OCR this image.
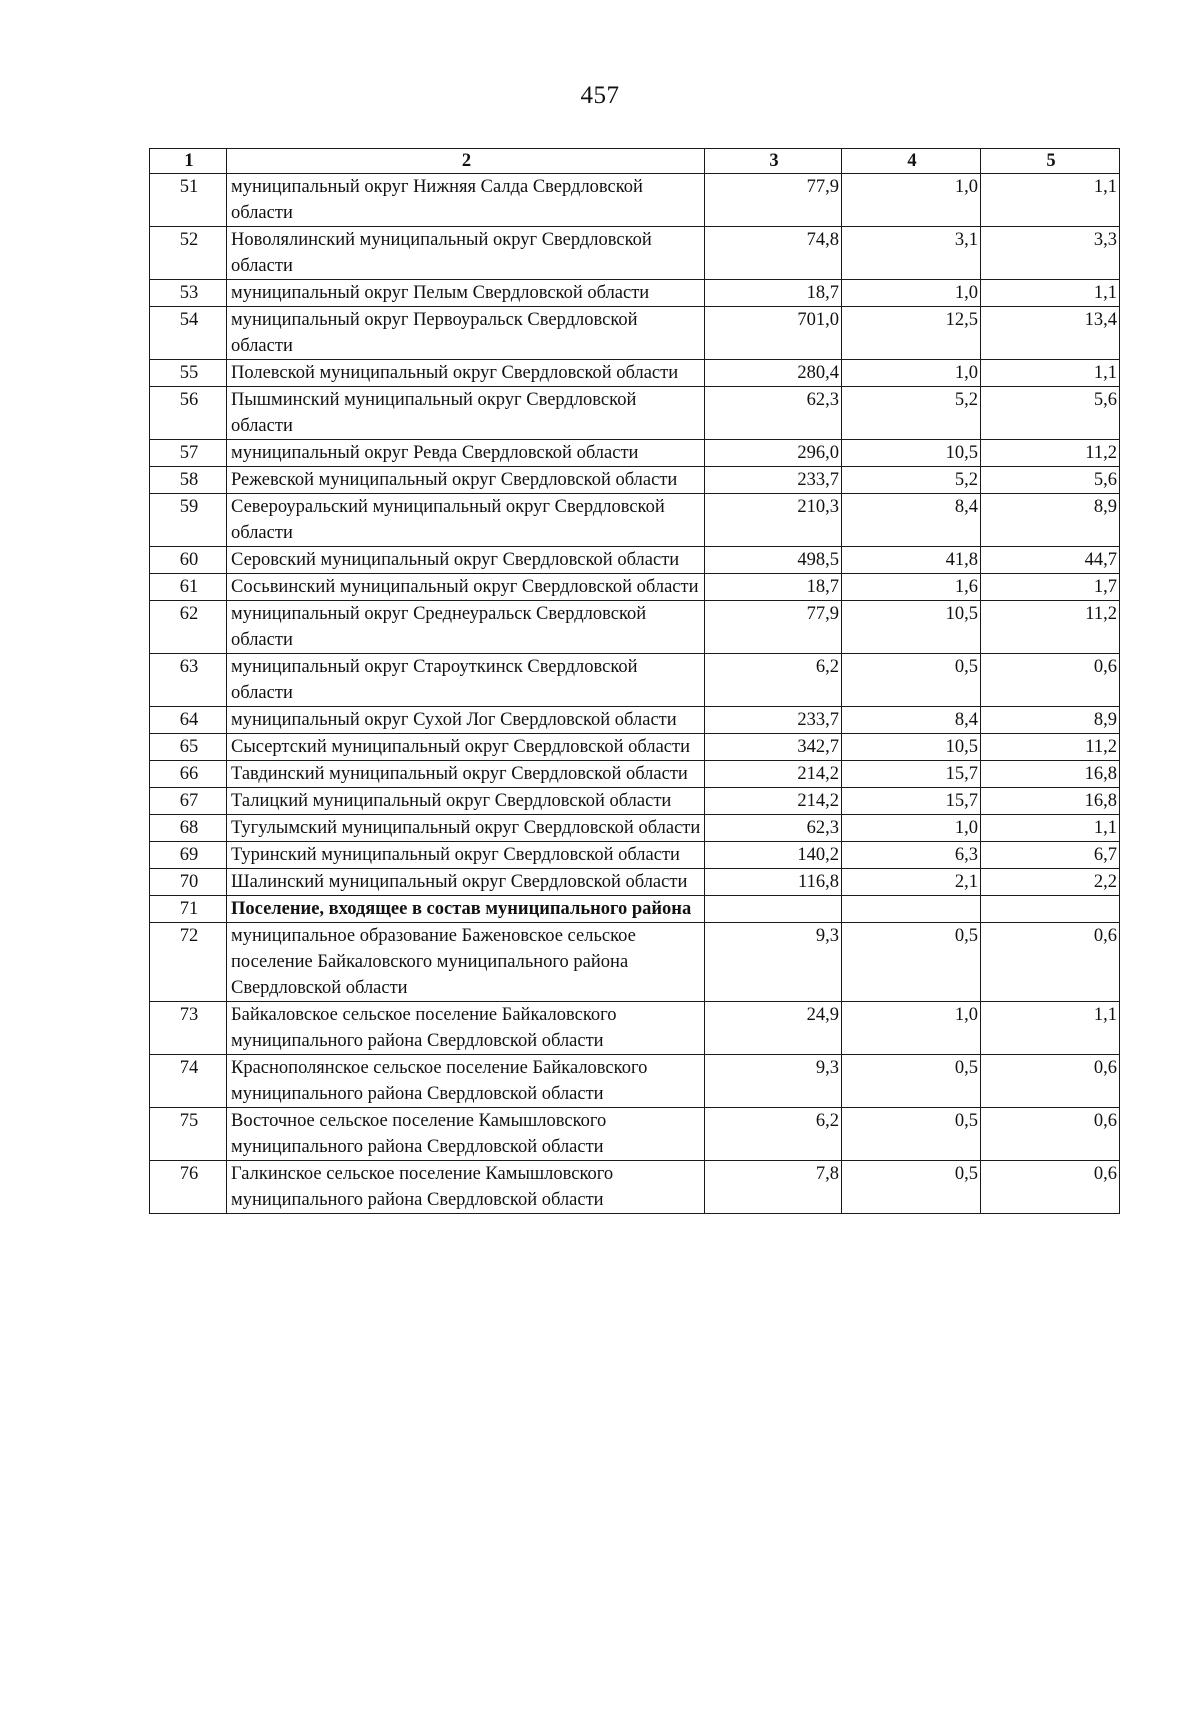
457
1	2	3	4	5
51	муниципальный округ Нижняя Салда Свердловской области	77,9	1,0	1,1
52	Новолялинский муниципальный округ Свердловской области	74,8	3,1	3,3
53	муниципальный округ Пелым Свердловской области	18,7	1,0	1,1
54	муниципальный округ Первоуральск Свердловской области	701,0	12,5	13,4
55	Полевской муниципальный округ Свердловской области	280,4	1,0	1,1
56	Пышминский муниципальный округ Свердловской области	62,3	5,2	5,6
57	муниципальный округ Ревда Свердловской области	296,0	10,5	11,2
58	Режевской муниципальный округ Свердловской области	233,7	5,2	5,6
59	Североуральский муниципальный округ Свердловской области	210,3	8,4	8,9
60	Серовский муниципальный округ Свердловской области	498,5	41,8	44,7
61	Сосьвинский муниципальный округ Свердловской области	18,7	1,6	1,7
62	муниципальный округ Среднеуральск Свердловской области	77,9	10,5	11,2
63	муниципальный округ Староуткинск Свердловской области	6,2	0,5	0,6
64	муниципальный округ Сухой Лог Свердловской области	233,7	8,4	8,9
65	Сысертский муниципальный округ Свердловской области	342,7	10,5	11,2
66	Тавдинский муниципальный округ Свердловской области	214,2	15,7	16,8
67	Талицкий муниципальный округ Свердловской области	214,2	15,7	16,8
68	Тугулымский муниципальный округ Свердловской области	62,3	1,0	1,1
69	Туринский муниципальный округ Свердловской области	140,2	6,3	6,7
70	Шалинский муниципальный округ Свердловской области	116,8	2,1	2,2
71	Поселение, входящее в состав муниципального района			
72	муниципальное образование Баженовское сельское поселение Байкаловского муниципального района Свердловской области	9,3	0,5	0,6
73	Байкаловское сельское поселение Байкаловского муниципального района Свердловской области	24,9	1,0	1,1
74	Краснополянское сельское поселение Байкаловского муниципального района Свердловской области	9,3	0,5	0,6
75	Восточное сельское поселение Камышловского муниципального района Свердловской области	6,2	0,5	0,6
76	Галкинское сельское поселение Камышловского муниципального района Свердловской области	7,8	0,5	0,6
